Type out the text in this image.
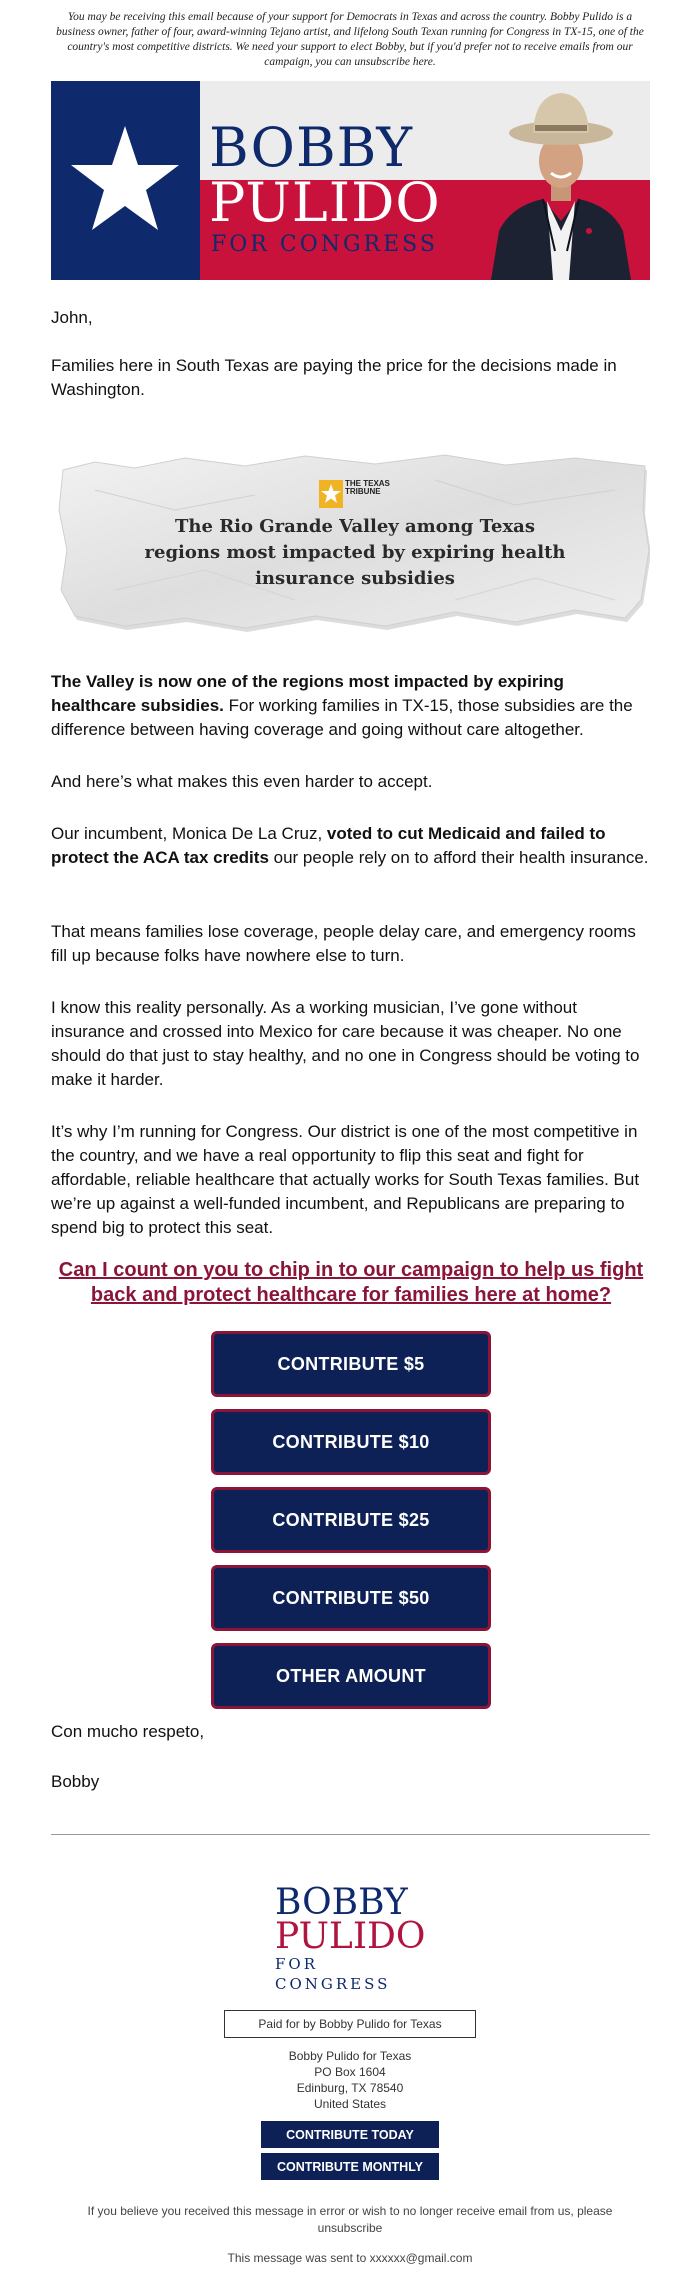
You may be receiving this email because of your support for Democrats in Texas and across the country. Bobby Pulido is a business owner, father of four, award-winning Tejano artist, and lifelong South Texan running for Congress in TX-15, one of the country's most competitive districts. We need your support to elect Bobby, but if you'd prefer not to receive emails from our campaign, you can unsubscribe here.
BOBBY
PULIDO
FOR CONGRESS
John,
Families here in South Texas are paying the price for the decisions made in Washington.
THE TEXAS TRIBUNE
The Rio Grande Valley among Texas regions most impacted by expiring health insurance subsidies
The Valley is now one of the regions most impacted by expiring healthcare subsidies. For working families in TX-15, those subsidies are the difference between having coverage and going without care altogether.
And here’s what makes this even harder to accept.
Our incumbent, Monica De La Cruz, voted to cut Medicaid and failed to protect the ACA tax credits our people rely on to afford their health insurance.
That means families lose coverage, people delay care, and emergency rooms fill up because folks have nowhere else to turn.
I know this reality personally. As a working musician, I’ve gone without insurance and crossed into Mexico for care because it was cheaper. No one should do that just to stay healthy, and no one in Congress should be voting to make it harder.
It’s why I’m running for Congress. Our district is one of the most competitive in the country, and we have a real opportunity to flip this seat and fight for affordable, reliable healthcare that actually works for South Texas families. But we’re up against a well-funded incumbent, and Republicans are preparing to spend big to protect this seat.
Can I count on you to chip in to our campaign to help us fight back and protect healthcare for families here at home?
CONTRIBUTE $5
CONTRIBUTE $10
CONTRIBUTE $25
CONTRIBUTE $50
OTHER AMOUNT
Con mucho respeto,
Bobby
BOBBY
PULIDO
FOR CONGRESS
Paid for by Bobby Pulido for Texas
Bobby Pulido for Texas
PO Box 1604
Edinburg, TX 78540
United States
CONTRIBUTE TODAY
CONTRIBUTE MONTHLY
If you believe you received this message in error or wish to no longer receive email from us, please unsubscribe
This message was sent to xxxxxx@gmail.com
